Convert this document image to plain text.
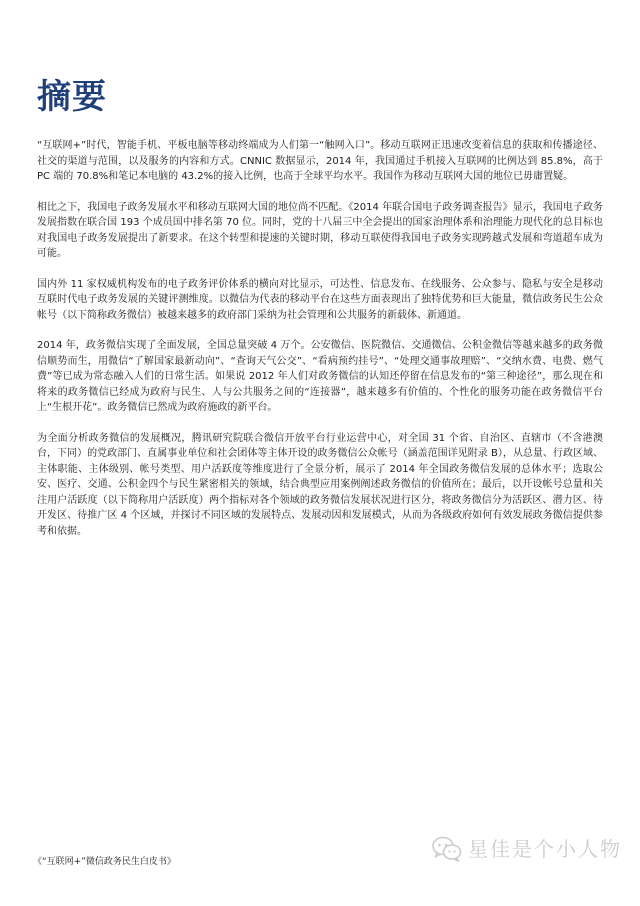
摘要

“互联网+”时代，智能手机、平板电脑等移动终端成为人们第一“触网入口”。移动互联网正迅速改变着信息的获取和传播途径、社交的渠道与范围，以及服务的内容和方式。CNNIC 数据显示，2014 年，我国通过手机接入互联网的比例达到 85.8%，高于 PC 端的 70.8%和笔记本电脑的 43.2%的接入比例，也高于全球平均水平。我国作为移动互联网大国的地位已毋庸置疑。

相比之下，我国电子政务发展水平和移动互联网大国的地位尚不匹配。《2014 年联合国电子政务调查报告》显示，我国电子政务发展指数在联合国 193 个成员国中排名第 70 位。同时，党的十八届三中全会提出的国家治理体系和治理能力现代化的总目标也对我国电子政务发展提出了新要求。在这个转型和提速的关键时期，移动互联使得我国电子政务实现跨越式发展和弯道超车成为可能。

国内外 11 家权威机构发布的电子政务评价体系的横向对比显示，可达性、信息发布、在线服务、公众参与、隐私与安全是移动互联时代电子政务发展的关键评测维度。以微信为代表的移动平台在这些方面表现出了独特优势和巨大能量，微信政务民生公众帐号（以下简称政务微信）被越来越多的政府部门采纳为社会管理和公共服务的新载体、新通道。

2014 年，政务微信实现了全面发展，全国总量突破 4 万个。公安微信、医院微信、交通微信、公积金微信等越来越多的政务微信顺势而生，用微信“了解国家最新动向”、“查询天气公交”、“看病预约挂号”、“处理交通事故理赔”、“交纳水费、电费、燃气费”等已成为常态融入人们的日常生活。如果说 2012 年人们对政务微信的认知还停留在信息发布的“第三种途径”，那么现在和将来的政务微信已经成为政府与民生、人与公共服务之间的“连接器”，越来越多有价值的、个性化的服务功能在政务微信平台上“生根开花”。政务微信已然成为政府施政的新平台。

为全面分析政务微信的发展概况，腾讯研究院联合微信开放平台行业运营中心，对全国 31 个省、自治区、直辖市（不含港澳台，下同）的党政部门、直属事业单位和社会团体等主体开设的政务微信公众帐号（涵盖范围详见附录 B），从总量、行政区域、主体职能、主体级别、帐号类型、用户活跃度等维度进行了全景分析，展示了 2014 年全国政务微信发展的总体水平；选取公安、医疗、交通、公积金四个与民生紧密相关的领域，结合典型应用案例阐述政务微信的价值所在；最后，以开设帐号总量和关注用户活跃度（以下简称用户活跃度）两个指标对各个领域的政务微信发展状况进行区分，将政务微信分为活跃区、潜力区、待开发区、待推广区 4 个区域，并探讨不同区域的发展特点、发展动因和发展模式，从而为各级政府如何有效发展政务微信提供参考和依据。

《“互联网+”微信政务民生白皮书》
星佳是个小人物
